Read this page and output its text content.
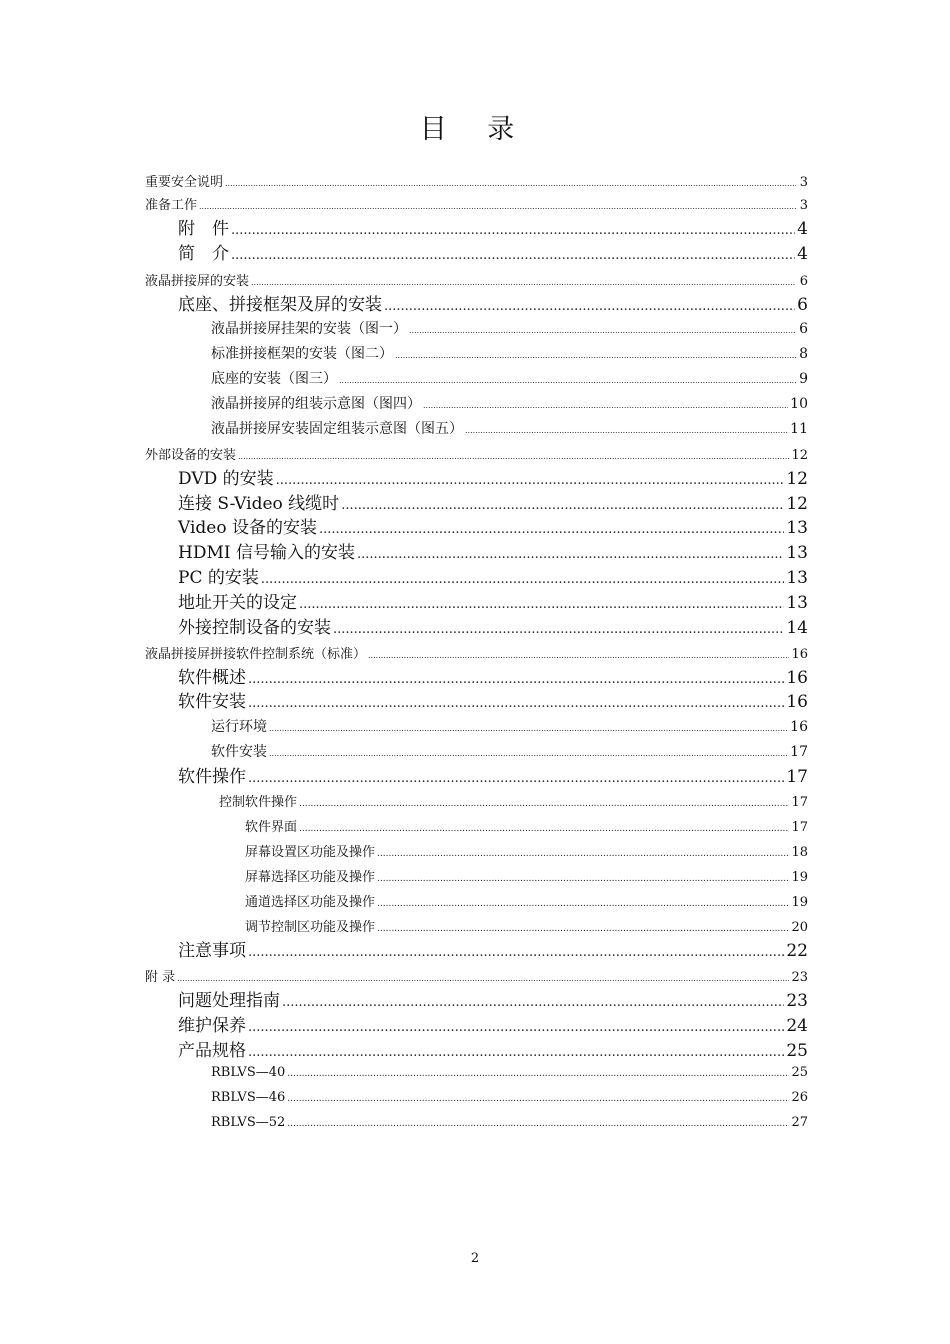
目 录
重要安全说明 .....	3
准备工作 .....	3
附　件 .....	4
简　介 .....	4
液晶拼接屏的安装 .....	6
底座、拼接框架及屏的安装 .....	6
液晶拼接屏挂架的安装（图一） .....	6
标准拼接框架的安装（图二） .....	8
底座的安装（图三） .....	9
液晶拼接屏的组装示意图（图四） .....	10
液晶拼接屏安装固定组装示意图（图五） .....	11
外部设备的安装 .....	12
DVD 的安装 .....	12
连接 S-Video 线缆时 .....	12
Video 设备的安装 .....	13
HDMI 信号输入的安装 .....	13
PC 的安装 .....	13
地址开关的设定 .....	13
外接控制设备的安装 .....	14
液晶拼接屏拼接软件控制系统（标准） .....	16
软件概述 .....	16
软件安装 .....	16
运行环境 .....	16
软件安装 .....	17
软件操作 .....	17
控制软件操作 .....	17
软件界面 .....	17
屏幕设置区功能及操作 .....	18
屏幕选择区功能及操作 .....	19
通道选择区功能及操作 .....	19
调节控制区功能及操作 .....	20
注意事项 .....	22
附 录 .....	23
问题处理指南 .....	23
维护保养 .....	24
产品规格 .....	25
RBLVS—40 .....	25
RBLVS—46 .....	26
RBLVS—52 .....	27
2
